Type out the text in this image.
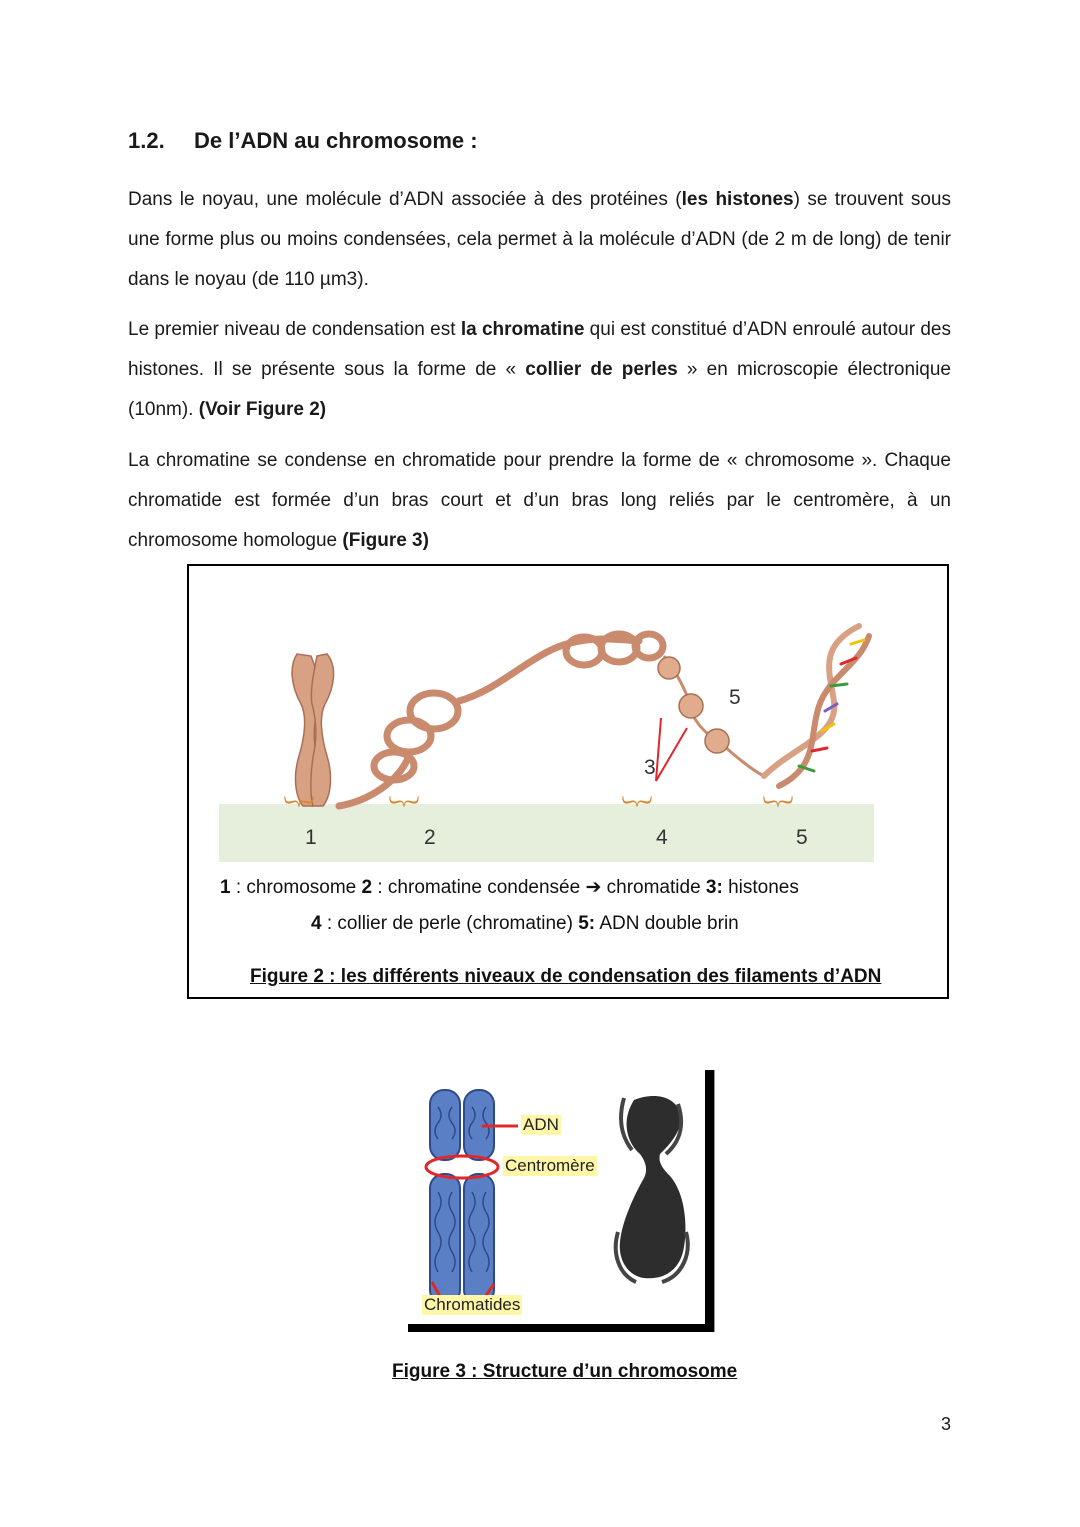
1.2. De l’ADN au chromosome :
Dans le noyau, une molécule d’ADN associée à des protéines (les histones) se trouvent sous une forme plus ou moins condensées, cela permet à la molécule d’ADN (de 2 m de long) de tenir dans le noyau (de 110 µm3).
Le premier niveau de condensation est la chromatine qui est constitué d’ADN enroulé autour des histones. Il se présente sous la forme de « collier de perles » en microscopie électronique (10nm). (Voir Figure 2)
La chromatine se condense en chromatide pour prendre la forme de « chromosome ». Chaque chromatide est formée d’un bras court et d’un bras long reliés par le centromère, à un chromosome homologue (Figure 3)
3
5
︸	︸	︸	︸
1	2	4	5
1 : chromosome 2 : chromatine condensée ➔ chromatide 3: histones
4 : collier de perle (chromatine) 5: ADN double brin
Figure 2 : les différents niveaux de condensation des filaments d’ADN
ADN
Centromère
Chromatides
Figure 3 : Structure d’un chromosome
3
